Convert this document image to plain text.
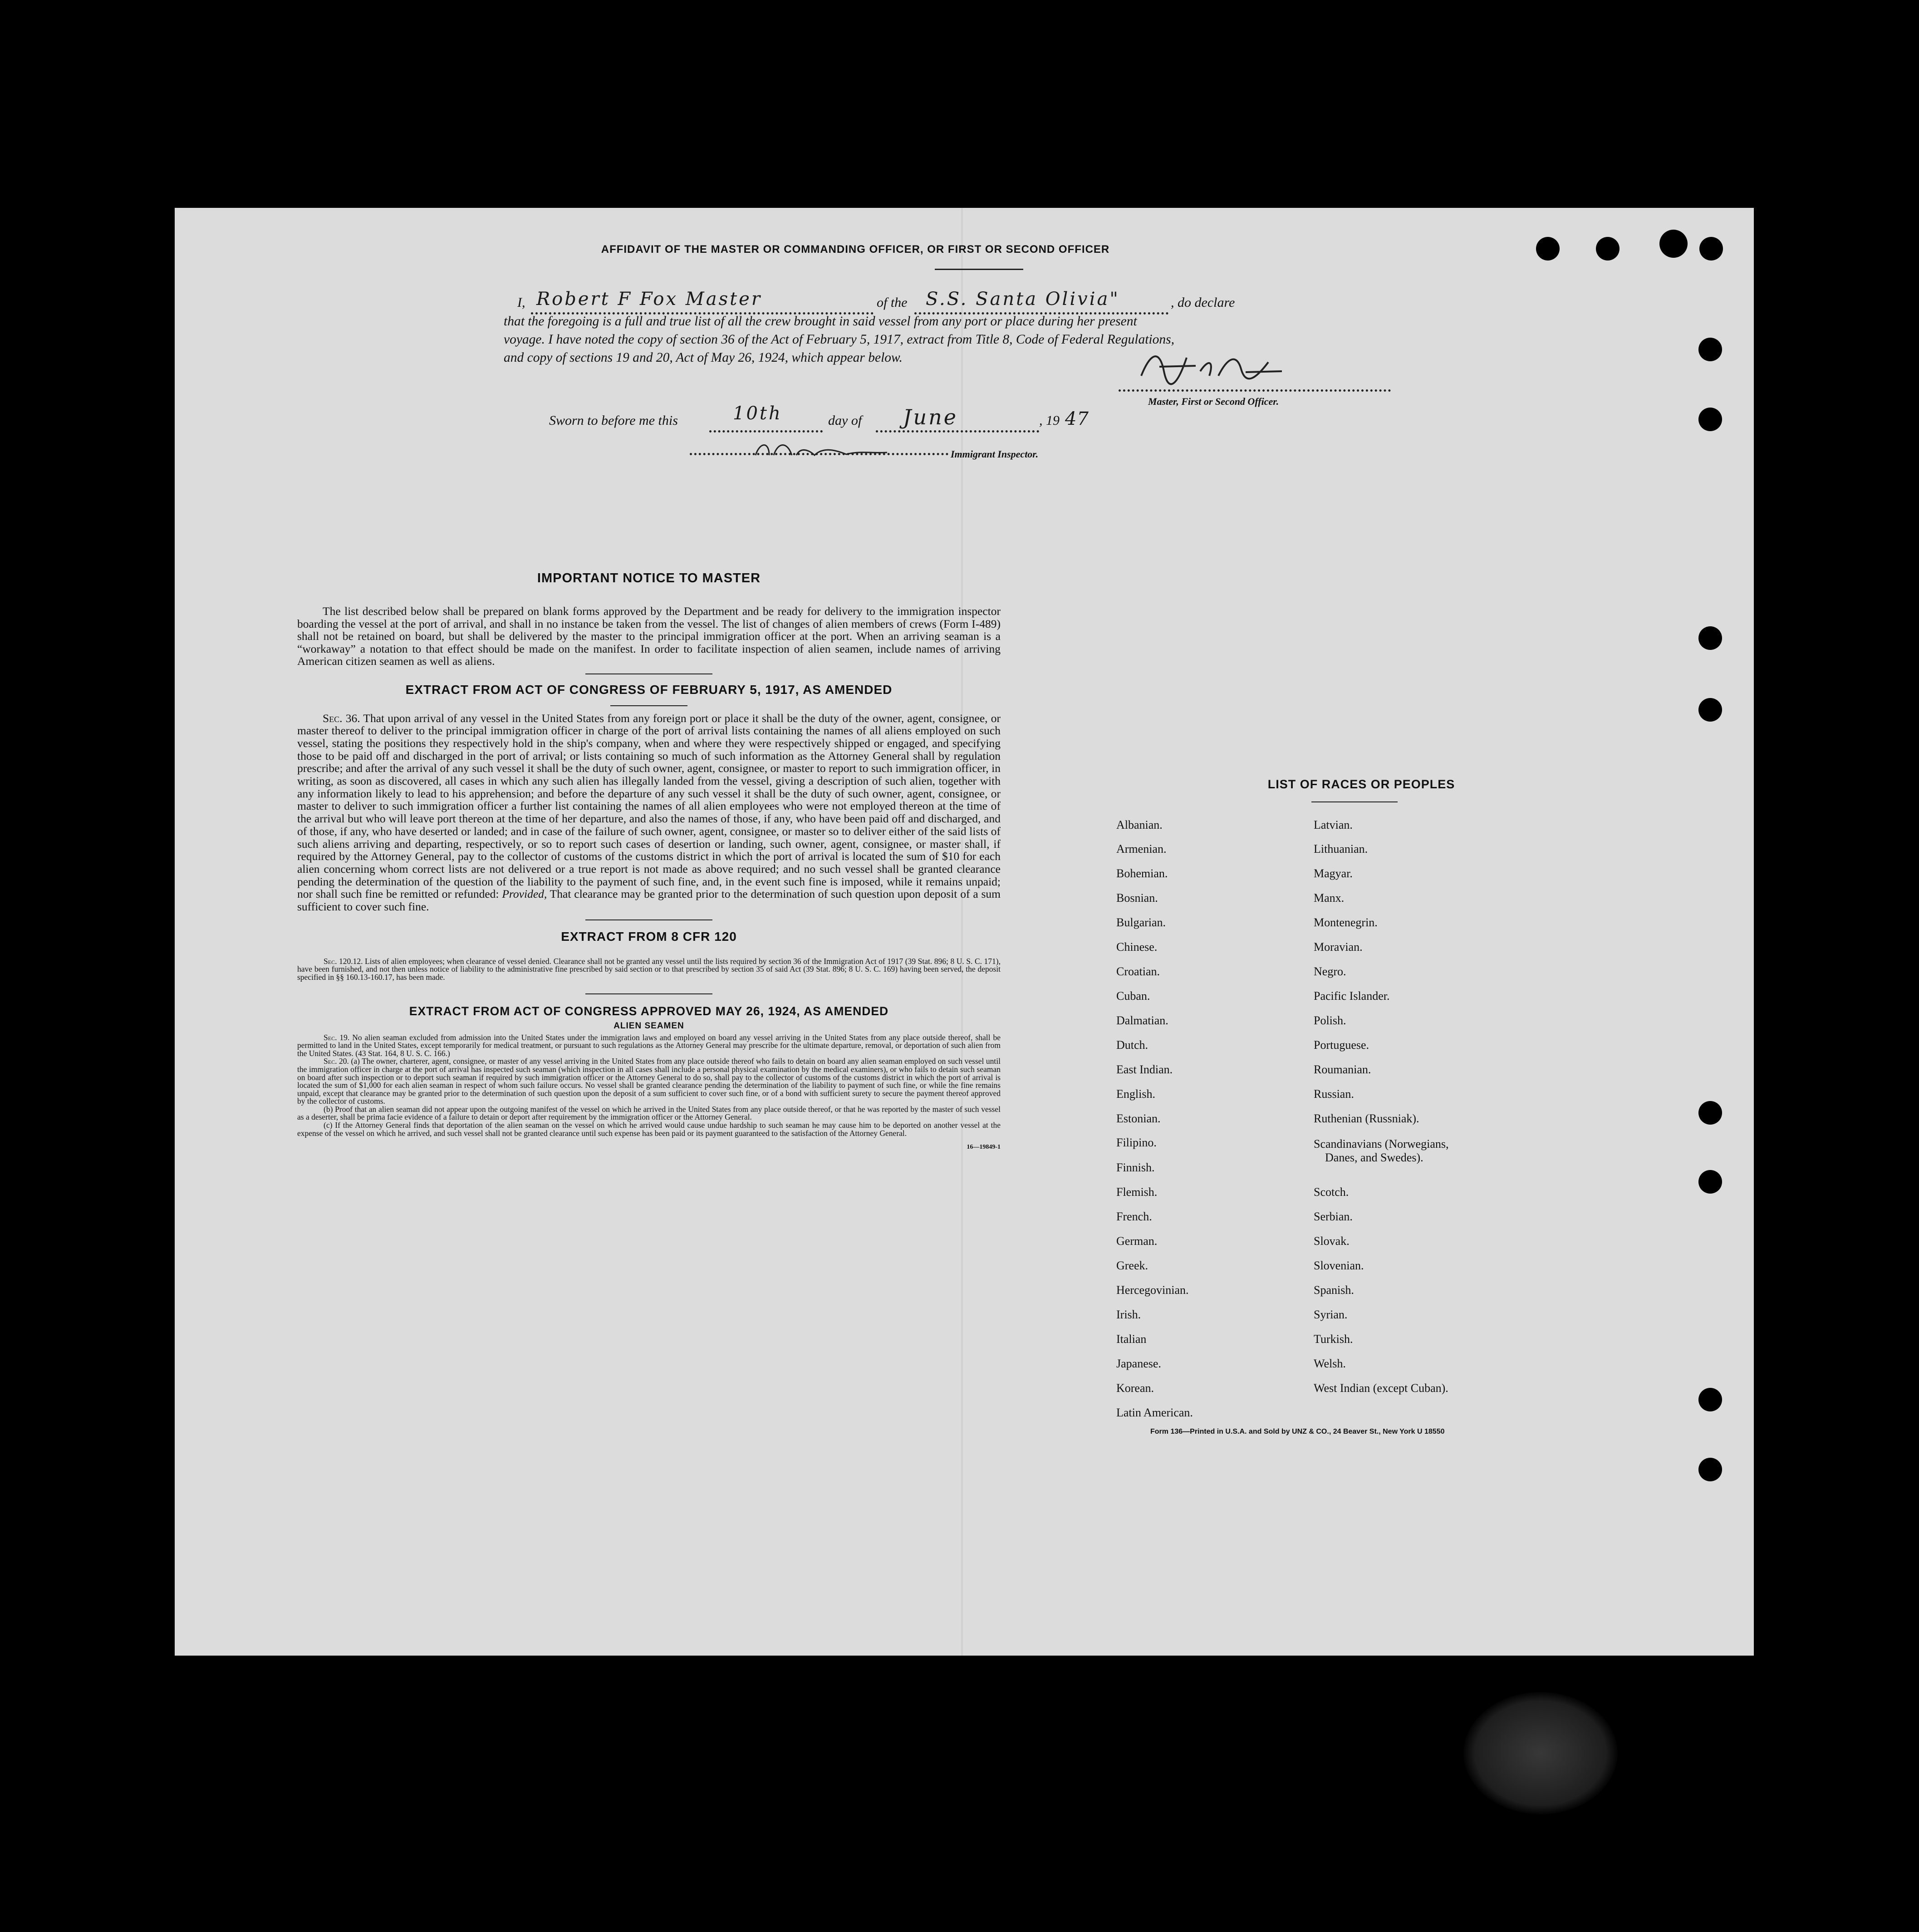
AFFIDAVIT OF THE MASTER OR COMMANDING OFFICER, OR FIRST OR SECOND OFFICER
I, Robert F Fox Master	of the S.S. Santa Olivia"	, do declare
that the foregoing is a full and true list of all the crew brought in said vessel from any port or place during her present
voyage. I have noted the copy of section 36 of the Act of February 5, 1917, extract from Title 8, Code of Federal Regulations,
and copy of sections 19 and 20, Act of May 26, 1924, which appear below.
Master, First or Second Officer.
Sworn to before me this	10th	day of June	, 19 47
Immigrant Inspector.
IMPORTANT NOTICE TO MASTER

The list described below shall be prepared on blank forms approved by the Department and be ready for delivery to the immigration inspector boarding the vessel at the port of arrival, and shall in no instance be taken from the vessel. The list of changes of alien members of crews (Form I-489) shall not be retained on board, but shall be delivered by the master to the principal immigration officer at the port. When an arriving seaman is a “workaway” a notation to that effect should be made on the manifest. In order to facilitate inspection of alien seamen, include names of arriving American citizen seamen as well as aliens.

EXTRACT FROM ACT OF CONGRESS OF FEBRUARY 5, 1917, AS AMENDED

Sec. 36. That upon arrival of any vessel in the United States from any foreign port or place it shall be the duty of the owner, agent, consignee, or master thereof to deliver to the principal immigration officer in charge of the port of arrival lists containing the names of all aliens employed on such vessel, stating the positions they respectively hold in the ship's company, when and where they were respectively shipped or engaged, and specifying those to be paid off and discharged in the port of arrival; or lists containing so much of such information as the Attorney General shall by regulation prescribe; and after the arrival of any such vessel it shall be the duty of such owner, agent, consignee, or master to report to such immigration officer, in writing, as soon as discovered, all cases in which any such alien has illegally landed from the vessel, giving a description of such alien, together with any information likely to lead to his apprehension; and before the departure of any such vessel it shall be the duty of such owner, agent, consignee, or master to deliver to such immigration officer a further list containing the names of all alien employees who were not employed thereon at the time of the arrival but who will leave port thereon at the time of her departure, and also the names of those, if any, who have been paid off and discharged, and of those, if any, who have deserted or landed; and in case of the failure of such owner, agent, consignee, or master so to deliver either of the said lists of such aliens arriving and departing, respectively, or so to report such cases of desertion or landing, such owner, agent, consignee, or master shall, if required by the Attorney General, pay to the collector of customs of the customs district in which the port of arrival is located the sum of $10 for each alien concerning whom correct lists are not delivered or a true report is not made as above required; and no such vessel shall be granted clearance pending the determination of the question of the liability to the payment of such fine, and, in the event such fine is imposed, while it remains unpaid; nor shall such fine be remitted or refunded: Provided, That clearance may be granted prior to the determination of such question upon deposit of a sum sufficient to cover such fine.

EXTRACT FROM 8 CFR 120

Sec. 120.12. Lists of alien employees; when clearance of vessel denied. Clearance shall not be granted any vessel until the lists required by section 36 of the Immigration Act of 1917 (39 Stat. 896; 8 U. S. C. 171), have been furnished, and not then unless notice of liability to the administrative fine prescribed by said section or to that prescribed by section 35 of said Act (39 Stat. 896; 8 U. S. C. 169) having been served, the deposit specified in §§ 160.13-160.17, has been made.

EXTRACT FROM ACT OF CONGRESS APPROVED MAY 26, 1924, AS AMENDED
ALIEN SEAMEN

Sec. 19. No alien seaman excluded from admission into the United States under the immigration laws and employed on board any vessel arriving in the United States from any place outside thereof, shall be permitted to land in the United States, except temporarily for medical treatment, or pursuant to such regulations as the Attorney General may prescribe for the ultimate departure, removal, or deportation of such alien from the United States. (43 Stat. 164, 8 U. S. C. 166.)

Sec. 20. (a) The owner, charterer, agent, consignee, or master of any vessel arriving in the United States from any place outside thereof who fails to detain on board any alien seaman employed on such vessel until the immigration officer in charge at the port of arrival has inspected such seaman (which inspection in all cases shall include a personal physical examination by the medical examiners), or who fails to detain such seaman on board after such inspection or to deport such seaman if required by such immigration officer or the Attorney General to do so, shall pay to the collector of customs of the customs district in which the port of arrival is located the sum of $1,000 for each alien seaman in respect of whom such failure occurs. No vessel shall be granted clearance pending the determination of the liability to payment of such fine, or while the fine remains unpaid, except that clearance may be granted prior to the determination of such question upon the deposit of a sum sufficient to cover such fine, or of a bond with sufficient surety to secure the payment thereof approved by the collector of customs.

(b) Proof that an alien seaman did not appear upon the outgoing manifest of the vessel on which he arrived in the United States from any place outside thereof, or that he was reported by the master of such vessel as a deserter, shall be prima facie evidence of a failure to detain or deport after requirement by the immigration officer or the Attorney General.

(c) If the Attorney General finds that deportation of the alien seaman on the vessel on which he arrived would cause undue hardship to such seaman he may cause him to be deported on another vessel at the expense of the vessel on which he arrived, and such vessel shall not be granted clearance until such expense has been paid or its payment guaranteed to the satisfaction of the Attorney General.

16—19849-1
LIST OF RACES OR PEOPLES
Form 136—Printed in U.S.A. and Sold by UNZ & CO., 24 Beaver St., New York U 18550
Albanian.
Armenian.
Bohemian.
Bosnian.
Bulgarian.
Chinese.
Croatian.
Cuban.
Dalmatian.
Dutch.
East Indian.
English.
Estonian.
Filipino.
Finnish.
Flemish.
French.
German.
Greek.
Hercegovinian.
Irish.
Italian
Japanese.
Korean.
Latin American.
Latvian.
Lithuanian.
Magyar.
Manx.
Montenegrin.
Moravian.
Negro.
Pacific Islander.
Polish.
Portuguese.
Roumanian.
Russian.
Ruthenian (Russniak).
Scandinavians (Norwegians,
Danes, and Swedes).
Scotch.
Serbian.
Slovak.
Slovenian.
Spanish.
Syrian.
Turkish.
Welsh.
West Indian (except Cuban).
